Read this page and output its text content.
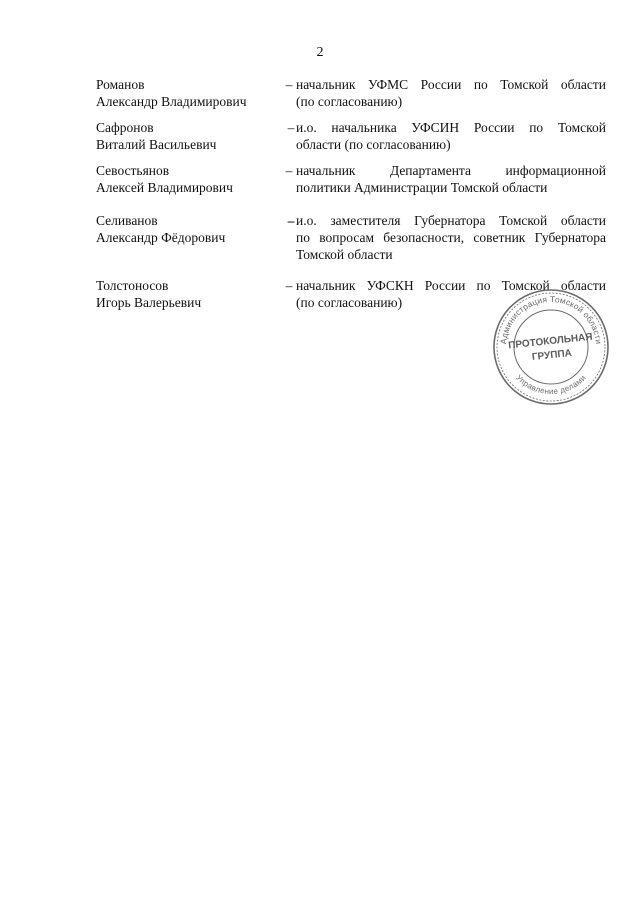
2
Романов
Александр Владимирович
– начальник УФМС России по Томской области
(по согласованию)
Сафронов
Виталий Васильевич
– и.о. начальника УФСИН России по Томской
области (по согласованию)
Севостьянов
Алексей Владимирович
– начальник Департамента информационной
политики Администрации Томской области
Селиванов
Александр Фёдорович
– и.о. заместителя Губернатора Томской области
по вопросам безопасности, советник Губернатора
Томской области
Толстоносов
Игорь Валерьевич
– начальник УФСКН России по Томской области
(по согласованию)
Администрация Томской области
Управление делами
ПРОТОКОЛЬНАЯ
ГРУППА
